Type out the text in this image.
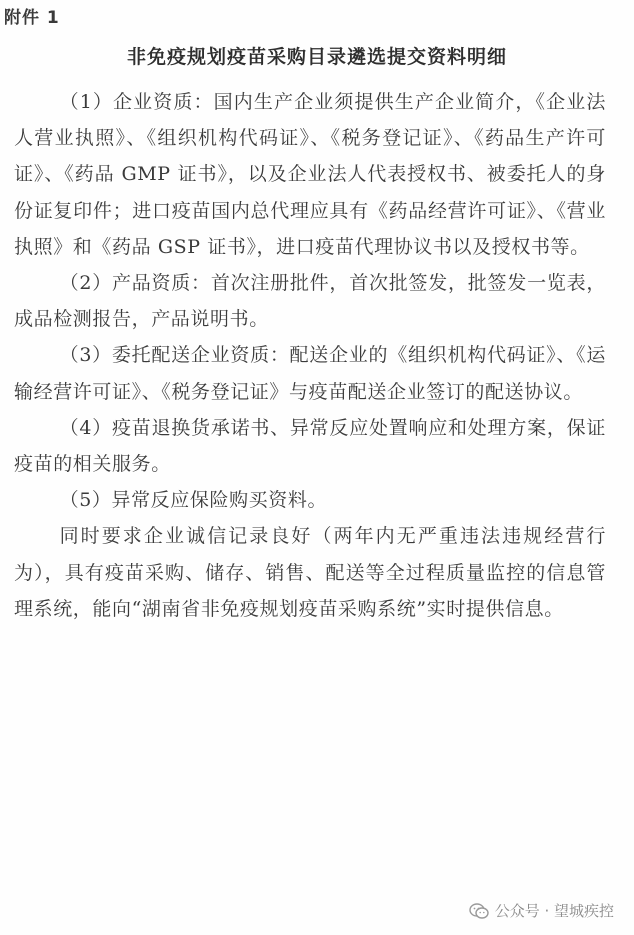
附件 1
非免疫规划疫苗采购目录遴选提交资料明细

（1）企业资质：国内生产企业须提供生产企业简介，《企业法人营业执照》、《组织机构代码证》、《税务登记证》、《药品生产许可证》、《药品 GMP 证书》，以及企业法人代表授权书、被委托人的身份证复印件；进口疫苗国内总代理应具有《药品经营许可证》、《营业执照》和《药品 GSP 证书》，进口疫苗代理协议书以及授权书等。

（2）产品资质：首次注册批件，首次批签发，批签发一览表，成品检测报告，产品说明书。

（3）委托配送企业资质：配送企业的《组织机构代码证》、《运输经营许可证》、《税务登记证》与疫苗配送企业签订的配送协议。

（4）疫苗退换货承诺书、异常反应处置响应和处理方案，保证疫苗的相关服务。

（5）异常反应保险购买资料。

同时要求企业诚信记录良好（两年内无严重违法违规经营行为），具有疫苗采购、储存、销售、配送等全过程质量监控的信息管理系统，能向“湖南省非免疫规划疫苗采购系统”实时提供信息。

公众号 · 望城疾控
